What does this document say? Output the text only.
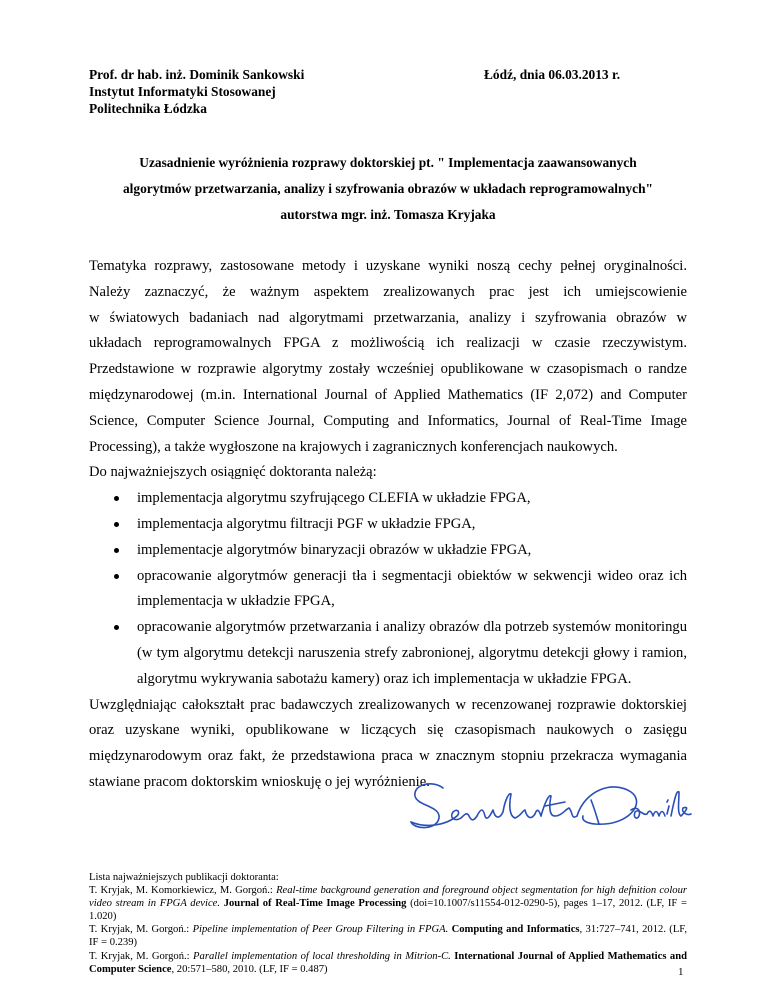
Prof. dr hab. inż. Dominik Sankowski
Instytut Informatyki Stosowanej
Politechnika Łódzka
Łódź, dnia 06.03.2013 r.
Uzasadnienie wyróżnienia rozprawy doktorskiej pt. " Implementacja zaawansowanych
algorytmów przetwarzania, analizy i szyfrowania obrazów w układach reprogramowalnych"
autorstwa mgr. inż. Tomasza Kryjaka

Tematyka rozprawy, zastosowane metody i uzyskane wyniki noszą cechy pełnej oryginalności.
Należy zaznaczyć, że ważnym aspektem zrealizowanych prac jest ich umiejscowienie
w światowych badaniach nad algorytmami przetwarzania, analizy i szyfrowania obrazów w
układach reprogramowalnych FPGA z możliwością ich realizacji w czasie rzeczywistym.
Przedstawione w rozprawie algorytmy zostały wcześniej opublikowane w czasopismach o randze
międzynarodowej (m.in. International Journal of Applied Mathematics (IF 2,072) and Computer
Science, Computer Science Journal, Computing and Informatics, Journal of Real-Time Image
Processing), a także wygłoszone na krajowych i zagranicznych konferencjach naukowych.

Do najważniejszych osiągnięć doktoranta należą:

implementacja algorytmu szyfrującego CLEFIA w układzie FPGA,
implementacja algorytmu filtracji PGF w układzie FPGA,
implementacje algorytmów binaryzacji obrazów w układzie FPGA,
opracowanie algorytmów generacji tła i segmentacji obiektów w sekwencji wideo oraz ich implementacja w układzie FPGA,
opracowanie algorytmów przetwarzania i analizy obrazów dla potrzeb systemów monitoringu (w tym algorytmu detekcji naruszenia strefy zabronionej, algorytmu detekcji głowy i ramion, algorytmu wykrywania sabotażu kamery) oraz ich implementacja w układzie FPGA.

Uwzględniając całokształt prac badawczych zrealizowanych w recenzowanej rozprawie doktorskiej
oraz uzyskane wyniki, opublikowane w liczących się czasopismach naukowych o zasięgu
międzynarodowym oraz fakt, że przedstawiona praca w znacznym stopniu przekracza wymagania
stawiane pracom doktorskim wnioskuję o jej wyróżnienie.

Lista najważniejszych publikacji doktoranta:

T. Kryjak, M. Komorkiewicz, M. Gorgoń.: Real-time background generation and foreground object segmentation for high defnition colour video stream in FPGA device. Journal of Real-Time Image Processing (doi=10.1007/s11554-012-0290-5), pages 1–17, 2012. (LF, IF = 1.020)

T. Kryjak, M. Gorgoń.: Pipeline implementation of Peer Group Filtering in FPGA. Computing and Informatics, 31:727–741, 2012. (LF, IF = 0.239)

T. Kryjak, M. Gorgoń.: Parallel implementation of local thresholding in Mitrion-C. International Journal of Applied Mathematics and Computer Science, 20:571–580, 2010. (LF, IF = 0.487)	1
